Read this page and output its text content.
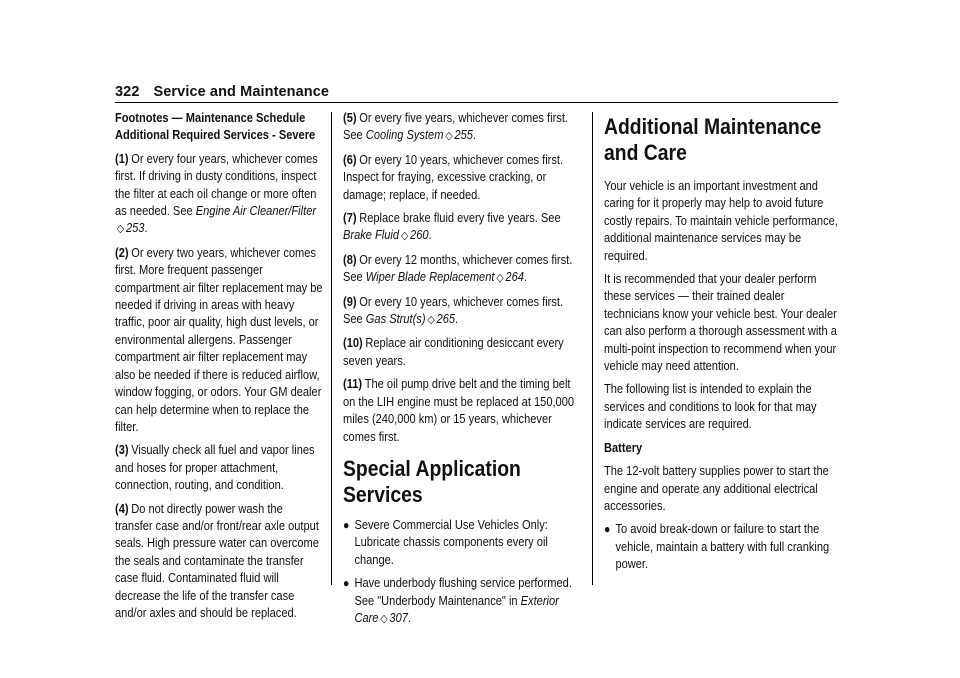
322 Service and Maintenance

Footnotes — Maintenance Schedule Additional Required Services - Severe

(1) Or every four years, whichever comes first. If driving in dusty conditions, inspect the filter at each oil change or more often as needed. See Engine Air Cleaner/Filter
◇ 253.

(2) Or every two years, whichever comes first. More frequent passenger compartment air filter replacement may be needed if driving in areas with heavy traffic, poor air quality, high dust levels, or environmental allergens. Passenger compartment air filter replacement may also be needed if there is reduced airflow, window fogging, or odors. Your GM dealer can help determine when to replace the filter.

(3) Visually check all fuel and vapor lines and hoses for proper attachment, connection, routing, and condition.

(4) Do not directly power wash the transfer case and/or front/rear axle output seals. High pressure water can overcome the seals and contaminate the transfer case fluid. Contaminated fluid will decrease the life of the transfer case and/or axles and should be replaced.

(5) Or every five years, whichever comes first. See Cooling System ◇ 255.

(6) Or every 10 years, whichever comes first. Inspect for fraying, excessive cracking, or damage; replace, if needed.

(7) Replace brake fluid every five years. See Brake Fluid ◇ 260.

(8) Or every 12 months, whichever comes first. See Wiper Blade Replacement ◇ 264.

(9) Or every 10 years, whichever comes first. See Gas Strut(s) ◇ 265.

(10) Replace air conditioning desiccant every seven years.

(11) The oil pump drive belt and the timing belt on the LIH engine must be replaced at 150,000 miles (240,000 km) or 15 years, whichever comes first.

Special Application Services
● Severe Commercial Use Vehicles Only: Lubricate chassis components every oil change.
● Have underbody flushing service performed. See "Underbody Maintenance" in Exterior Care ◇ 307.
Additional Maintenance and Care

Your vehicle is an important investment and caring for it properly may help to avoid future costly repairs. To maintain vehicle performance, additional maintenance services may be required.

It is recommended that your dealer perform these services — their trained dealer technicians know your vehicle best. Your dealer can also perform a thorough assessment with a multi-point inspection to recommend when your vehicle may need attention.

The following list is intended to explain the services and conditions to look for that may indicate services are required.

Battery

The 12-volt battery supplies power to start the engine and operate any additional electrical accessories.

● To avoid break-down or failure to start the vehicle, maintain a battery with full cranking power.
